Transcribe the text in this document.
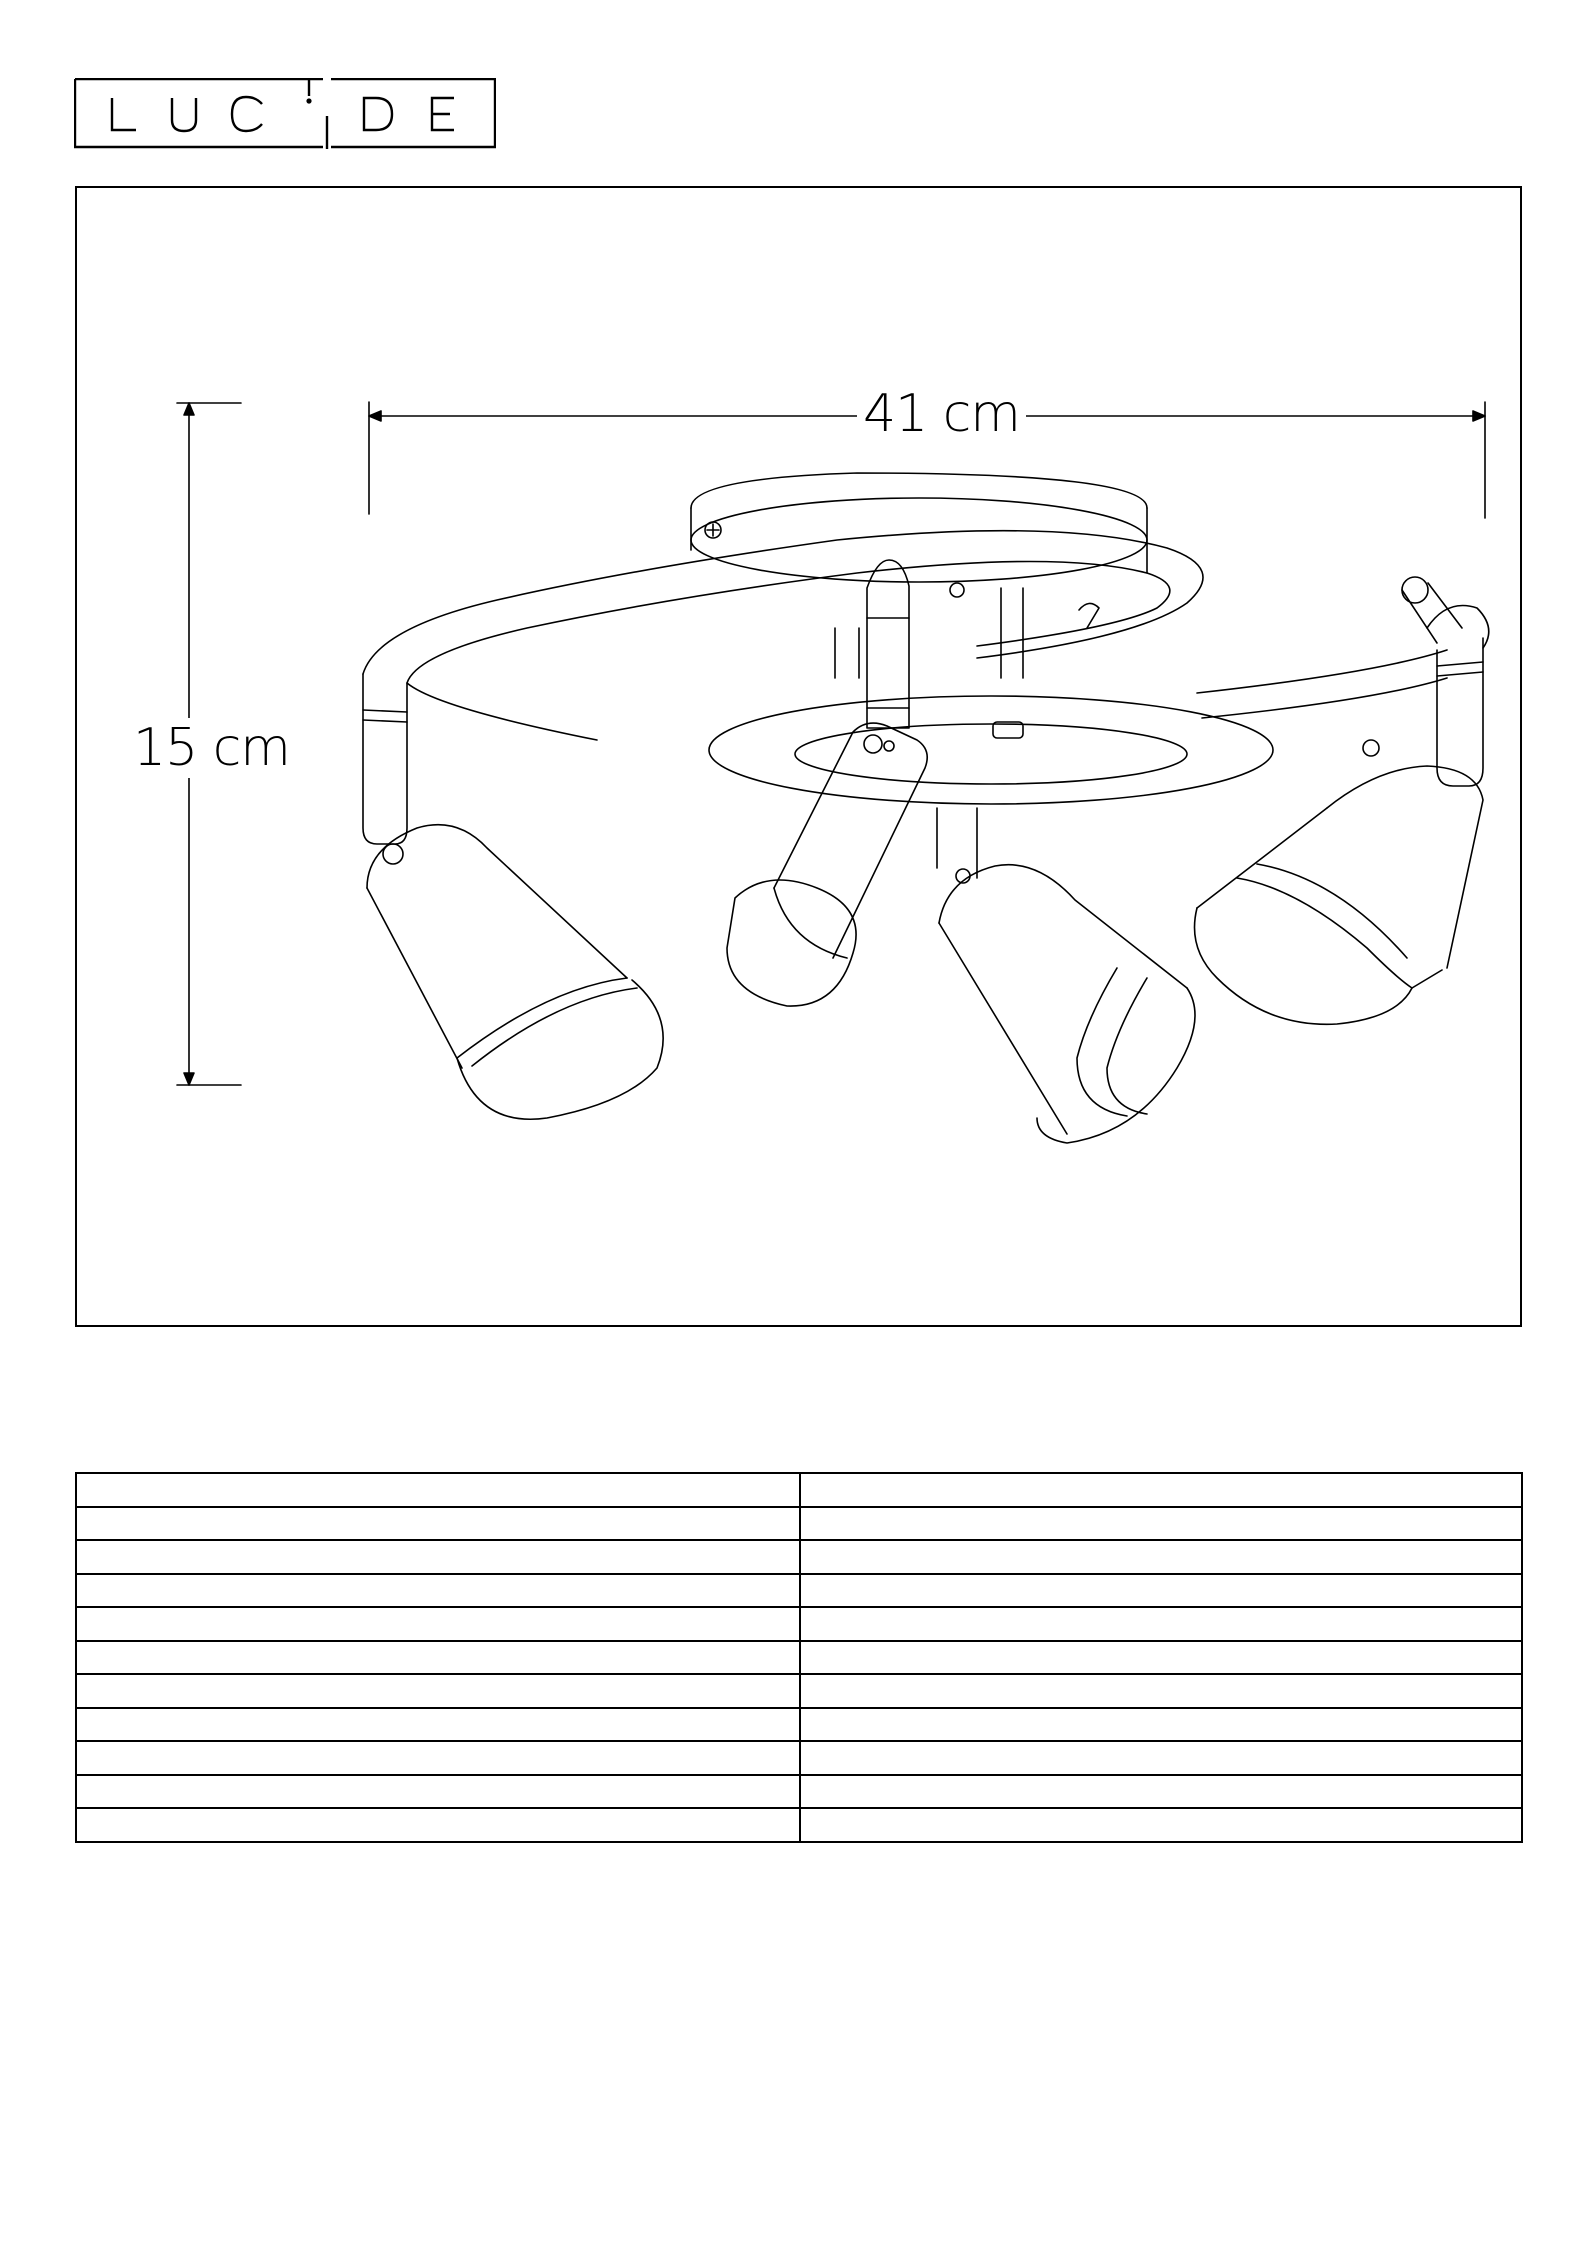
41 cm
15 cm
